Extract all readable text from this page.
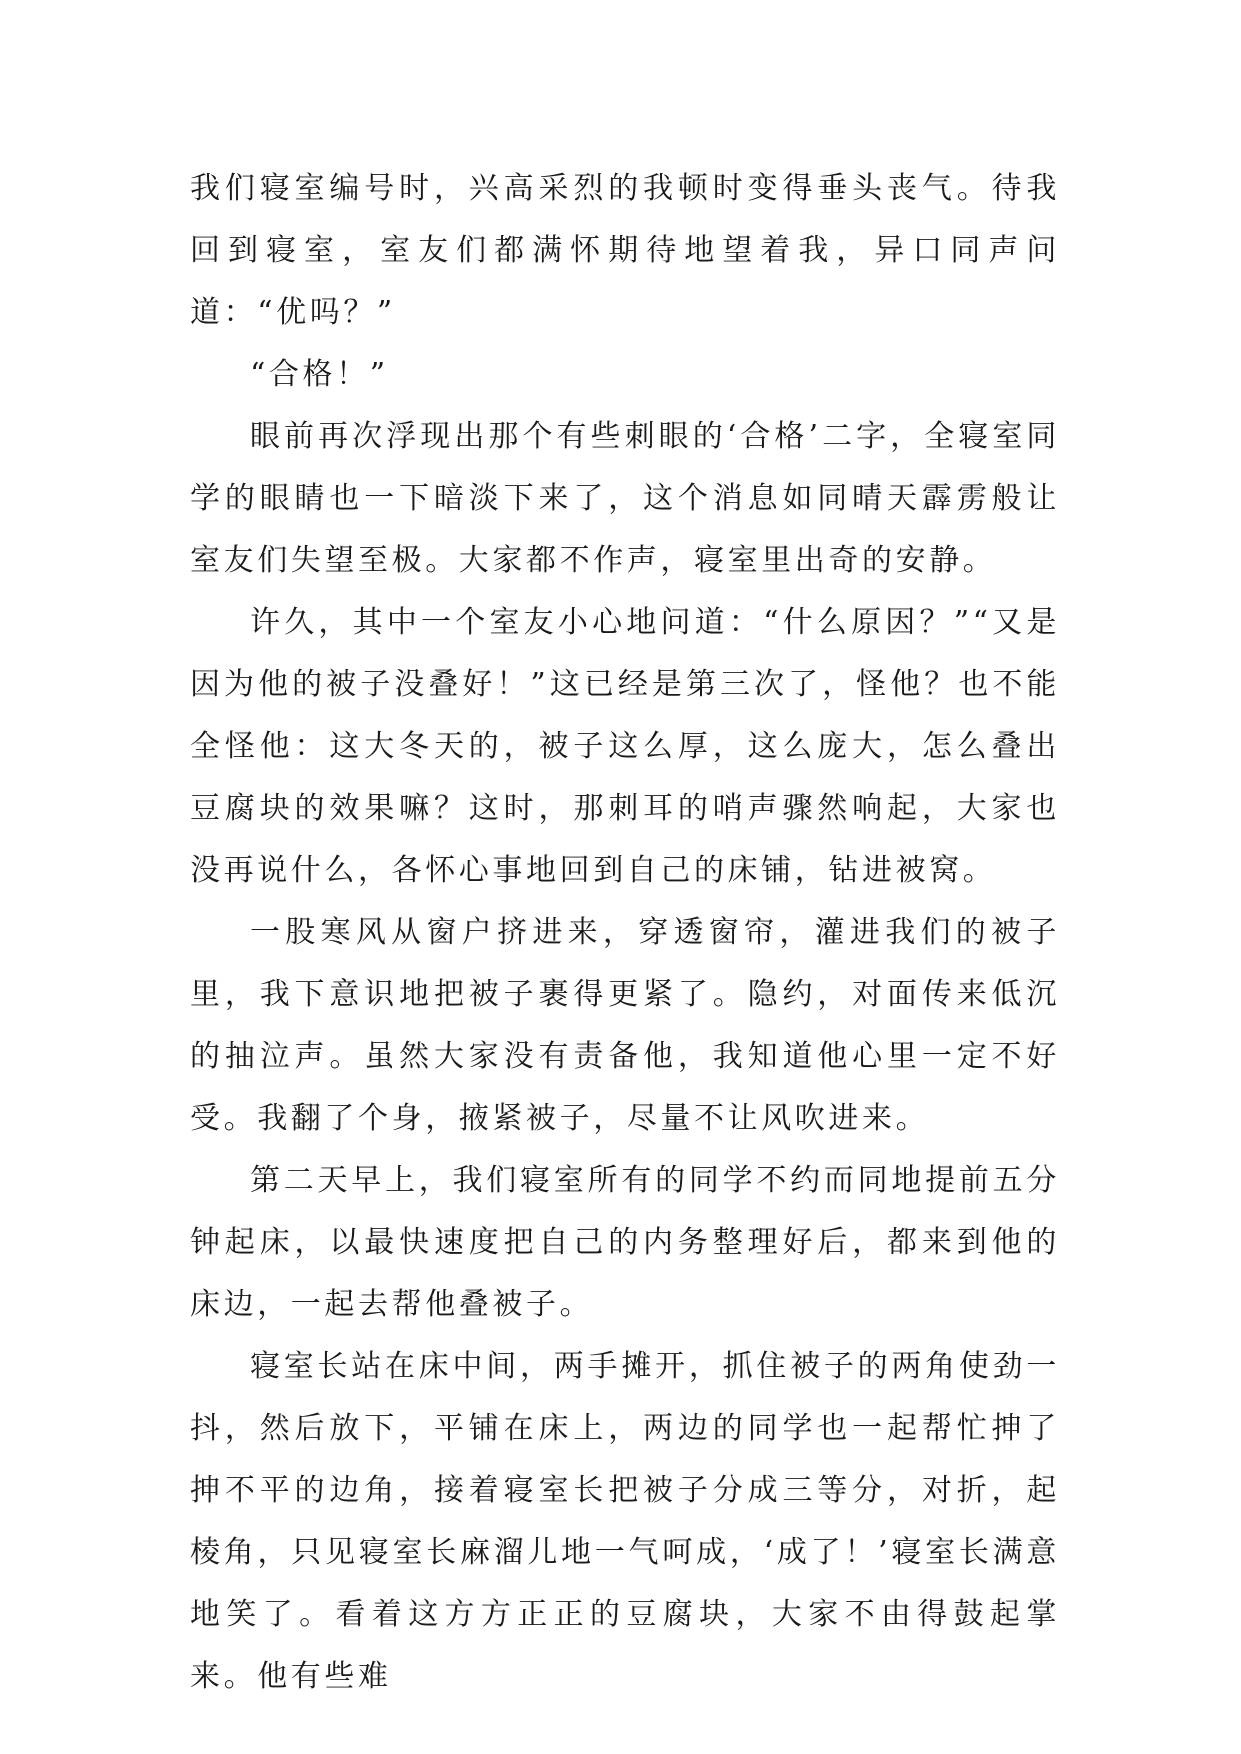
我们寝室编号时，兴高采烈的我顿时变得垂头丧气。待我回到寝室，室友们都满怀期待地望着我，异口同声问道：“优吗？”

“合格！”

眼前再次浮现出那个有些刺眼的‘合格’二字，全寝室同学的眼睛也一下暗淡下来了，这个消息如同晴天霹雳般让室友们失望至极。大家都不作声，寝室里出奇的安静。

许久，其中一个室友小心地问道：“什么原因？”“又是因为他的被子没叠好！”这已经是第三次了，怪他？也不能全怪他：这大冬天的，被子这么厚，这么庞大，怎么叠出豆腐块的效果嘛？这时，那刺耳的哨声骤然响起，大家也没再说什么，各怀心事地回到自己的床铺，钻进被窝。

一股寒风从窗户挤进来，穿透窗帘，灌进我们的被子里，我下意识地把被子裹得更紧了。隐约，对面传来低沉的抽泣声。虽然大家没有责备他，我知道他心里一定不好受。我翻了个身，掖紧被子，尽量不让风吹进来。

第二天早上，我们寝室所有的同学不约而同地提前五分钟起床，以最快速度把自己的内务整理好后，都来到他的床边，一起去帮他叠被子。

寝室长站在床中间，两手摊开，抓住被子的两角使劲一抖，然后放下，平铺在床上，两边的同学也一起帮忙抻了抻不平的边角，接着寝室长把被子分成三等分，对折，起棱角，只见寝室长麻溜儿地一气呵成，‘成了！’寝室长满意地笑了。看着这方方正正的豆腐块，大家不由得鼓起掌来。他有些难
